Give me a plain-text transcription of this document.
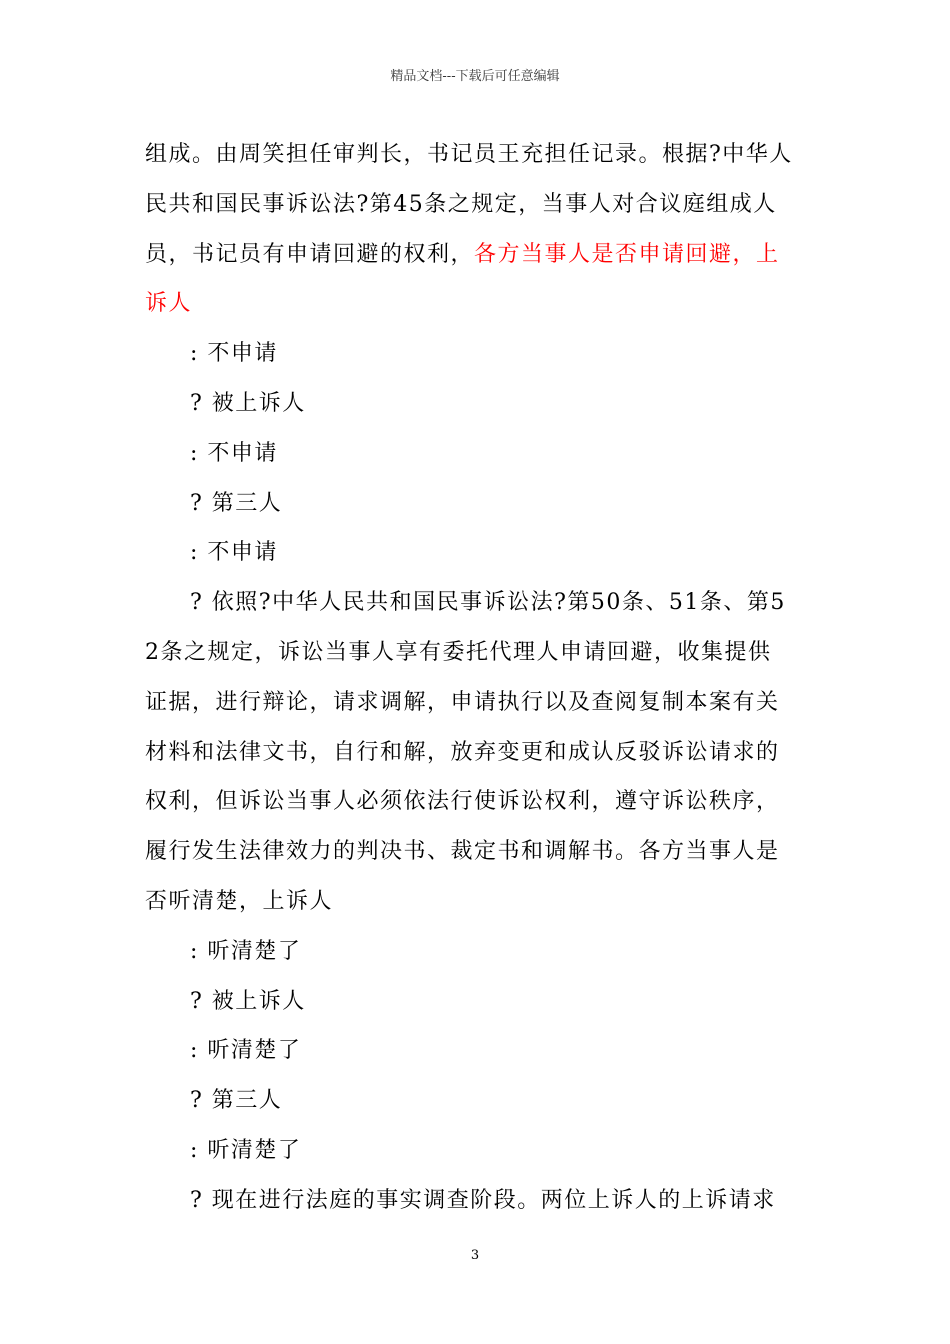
精品文档---下载后可任意编辑
组成。由周笑担任审判长，书记员王充担任记录。根据?中华人
民共和国民事诉讼法?第45条之规定，当事人对合议庭组成人
员，书记员有申请回避的权利，各方当事人是否申请回避，上
诉人
: 不申请
? 被上诉人
: 不申请
? 第三人
: 不申请
? 依照?中华人民共和国民事诉讼法?第50条、51条、第5
2条之规定，诉讼当事人享有委托代理人申请回避，收集提供
证据，进行辩论，请求调解，申请执行以及查阅复制本案有关
材料和法律文书，自行和解，放弃变更和成认反驳诉讼请求的
权利，但诉讼当事人必须依法行使诉讼权利，遵守诉讼秩序，
履行发生法律效力的判决书、裁定书和调解书。各方当事人是
否听清楚，上诉人
: 听清楚了
? 被上诉人
: 听清楚了
? 第三人
: 听清楚了
? 现在进行法庭的事实调查阶段。两位上诉人的上诉请求
3
